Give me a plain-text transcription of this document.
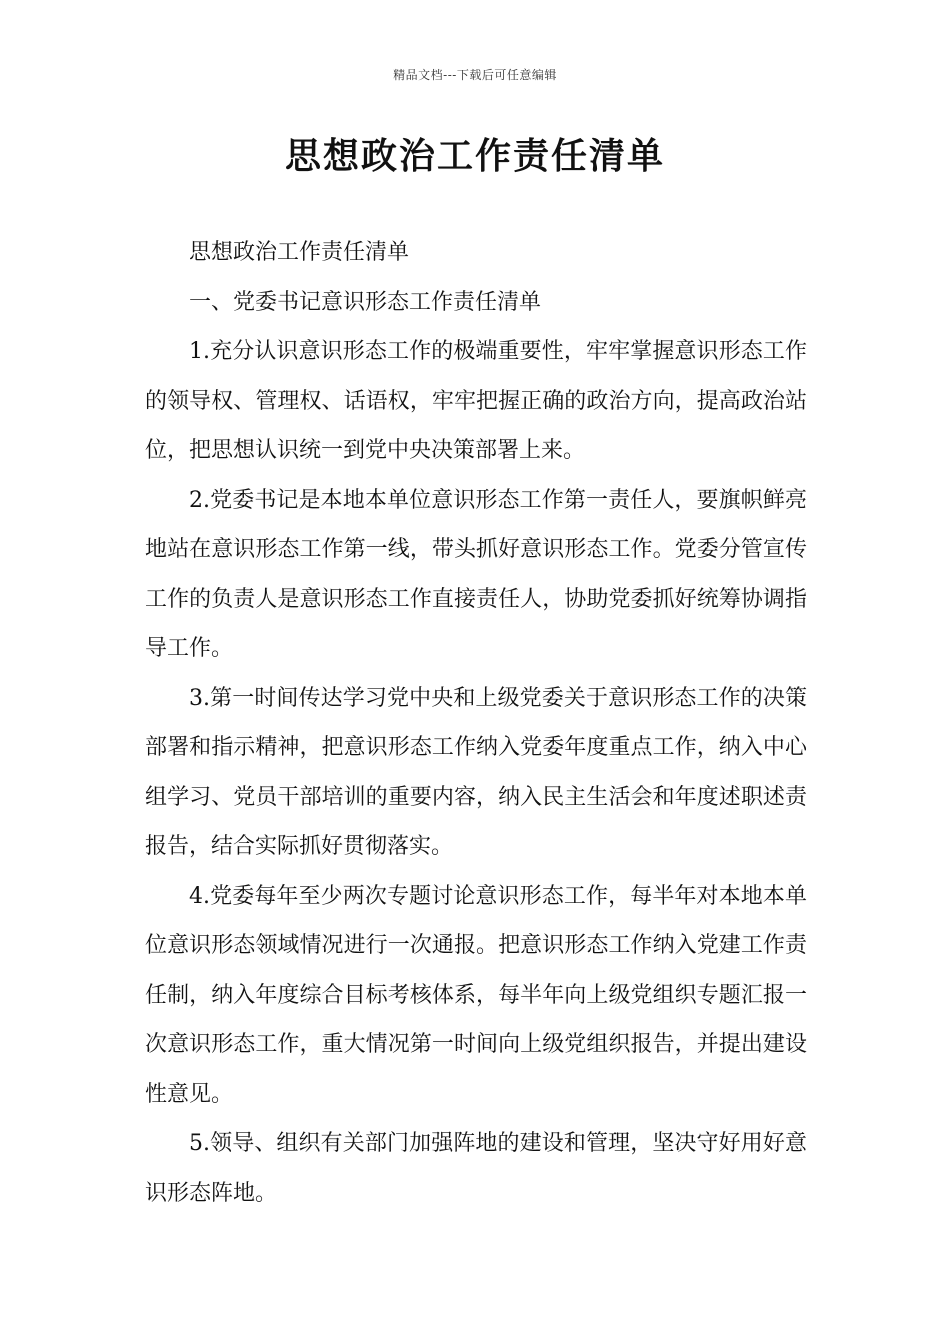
精品文档---下载后可任意编辑
思想政治工作责任清单

思想政治工作责任清单

一、党委书记意识形态工作责任清单

1.充分认识意识形态工作的极端重要性，牢牢掌握意识形态工作的领导权、管理权、话语权，牢牢把握正确的政治方向，提高政治站位，把思想认识统一到党中央决策部署上来。

2.党委书记是本地本单位意识形态工作第一责任人，要旗帜鲜亮地站在意识形态工作第一线，带头抓好意识形态工作。党委分管宣传工作的负责人是意识形态工作直接责任人，协助党委抓好统筹协调指导工作。

3.第一时间传达学习党中央和上级党委关于意识形态工作的决策部署和指示精神，把意识形态工作纳入党委年度重点工作，纳入中心组学习、党员干部培训的重要内容，纳入民主生活会和年度述职述责报告，结合实际抓好贯彻落实。

4.党委每年至少两次专题讨论意识形态工作，每半年对本地本单位意识形态领域情况进行一次通报。把意识形态工作纳入党建工作责任制，纳入年度综合目标考核体系，每半年向上级党组织专题汇报一次意识形态工作，重大情况第一时间向上级党组织报告，并提出建设性意见。

5.领导、组织有关部门加强阵地的建设和管理，坚决守好用好意识形态阵地。
